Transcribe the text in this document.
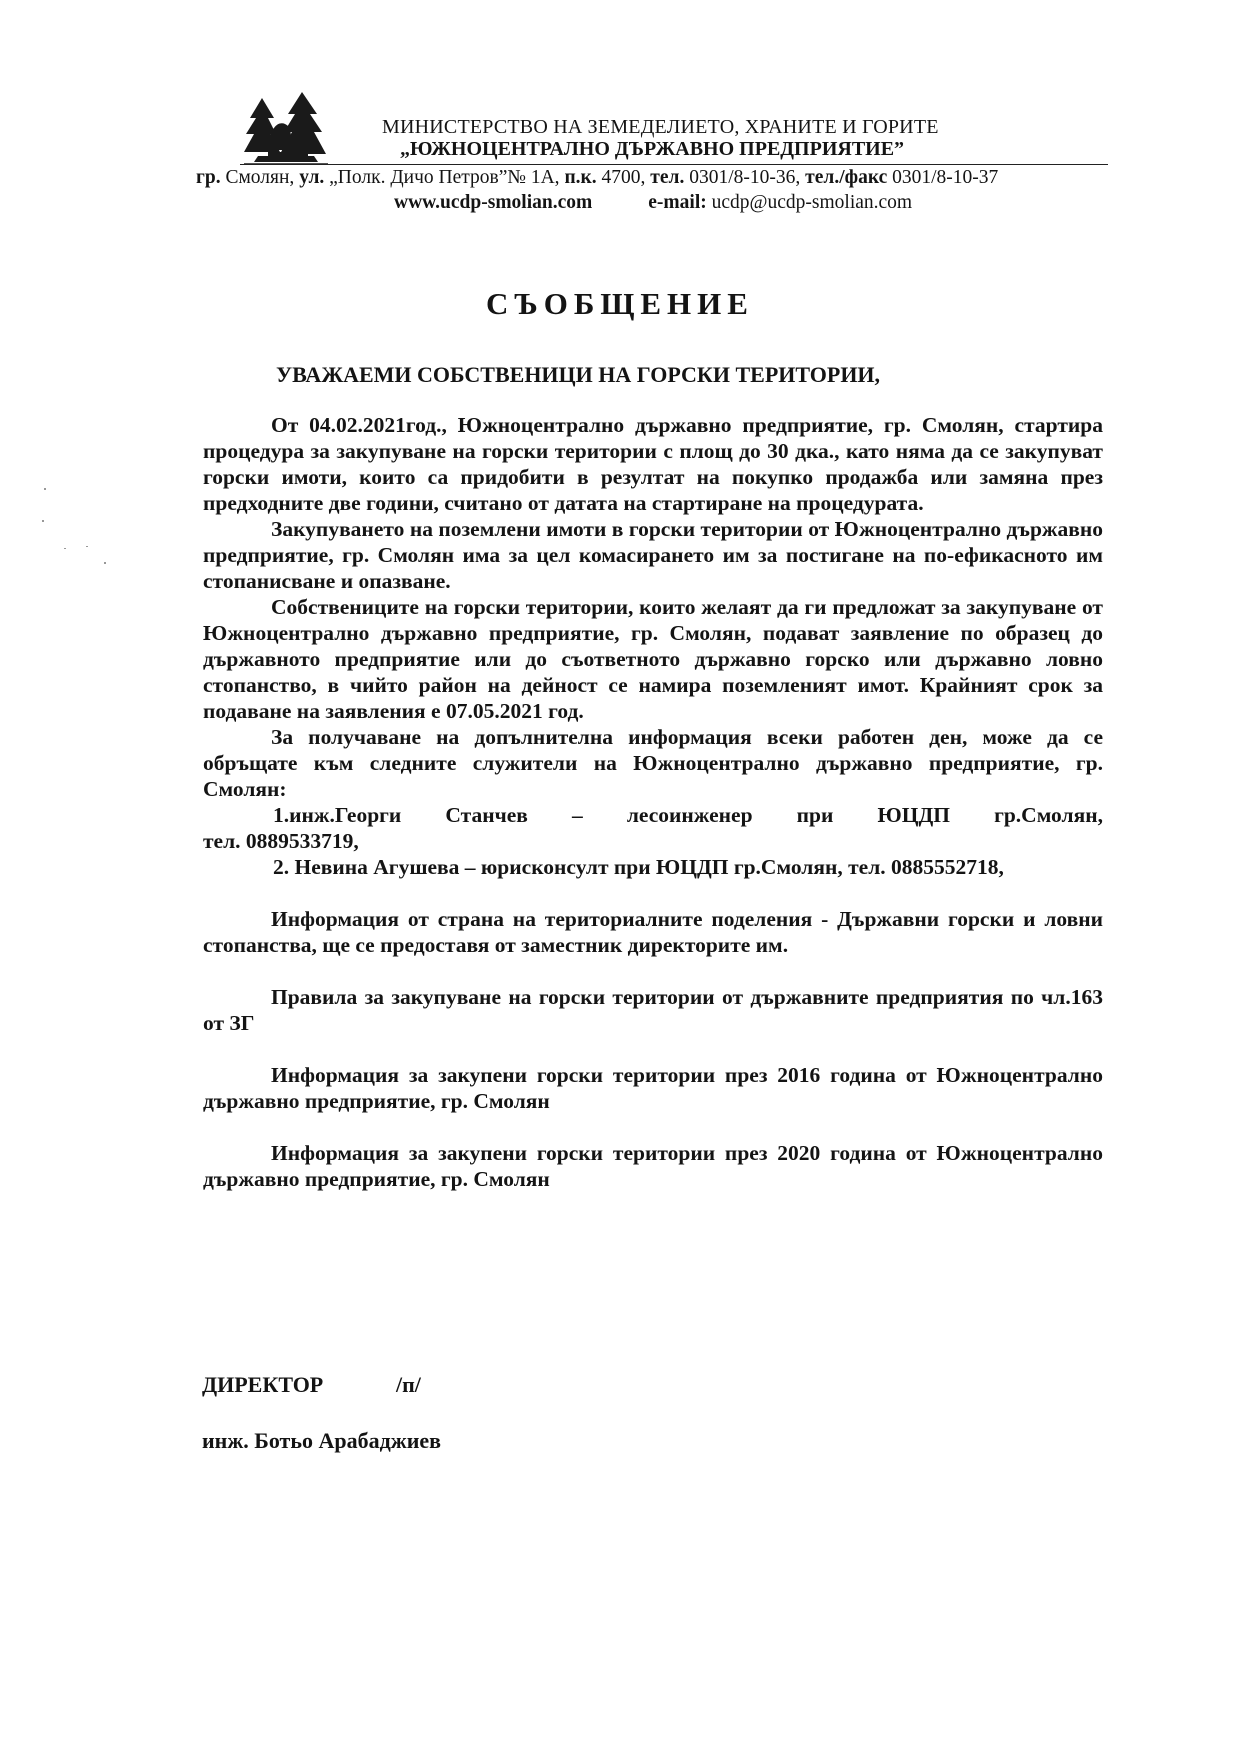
МИНИСТЕРСТВО НА ЗЕМЕДЕЛИЕТО, ХРАНИТЕ И ГОРИТЕ
„ЮЖНОЦЕНТРАЛНО ДЪРЖАВНО ПРЕДПРИЯТИЕ”
гр. Смолян, ул. „Полк. Дичо Петров”№ 1А, п.к. 4700, тел. 0301/8-10-36, тел./факс 0301/8-10-37
www.ucdp-smolian.com	e-mail: ucdp@ucdp-smolian.com
СЪОБЩЕНИЕ
УВАЖАЕМИ СОБСТВЕНИЦИ НА ГОРСКИ ТЕРИТОРИИ,

От 04.02.2021год., Южноцентрално държавно предприятие, гр. Смолян, стартира процедура за закупуване на горски територии с площ до 30 дка., като няма да се закупуват горски имоти, които са придобити в резултат на покупко продажба или замяна през предходните две години, считано от датата на стартиране на процедурата.

Закупуването на поземлени имоти в горски територии от Южноцентрално държавно предприятие, гр. Смолян има за цел комасирането им за постигане на по-ефикасното им стопанисване и опазване.

Собствениците на горски територии, които желаят да ги предложат за закупуване от Южноцентрално държавно предприятие, гр. Смолян, подават заявление по образец до държавното предприятие или до съответното държавно горско или държавно ловно стопанство, в чийто район на дейност се намира поземленият имот. Крайният срок за подаване на заявления е 07.05.2021 год.

За получаване на допълнителна информация всеки работен ден, може да се обръщате към следните служители на Южноцентрално държавно предприятие, гр. Смолян:

1.инж.Георги Станчев – лесоинженер при ЮЦДП гр.Смолян,
тел. 0889533719,

2. Невина Агушева – юрисконсулт при ЮЦДП гр.Смолян, тел. 0885552718,

Информация от страна на териториалните поделения - Държавни горски и ловни стопанства, ще се предоставя от заместник директорите им.

Правила за закупуване на горски територии от държавните предприятия по чл.163 от ЗГ

Информация за закупени горски територии през 2016 година от Южноцентрално държавно предприятие, гр. Смолян

Информация за закупени горски територии през 2020 година от Южноцентрално държавно предприятие, гр. Смолян

ДИРЕКТОР	/п/
инж. Ботьо Арабаджиев
